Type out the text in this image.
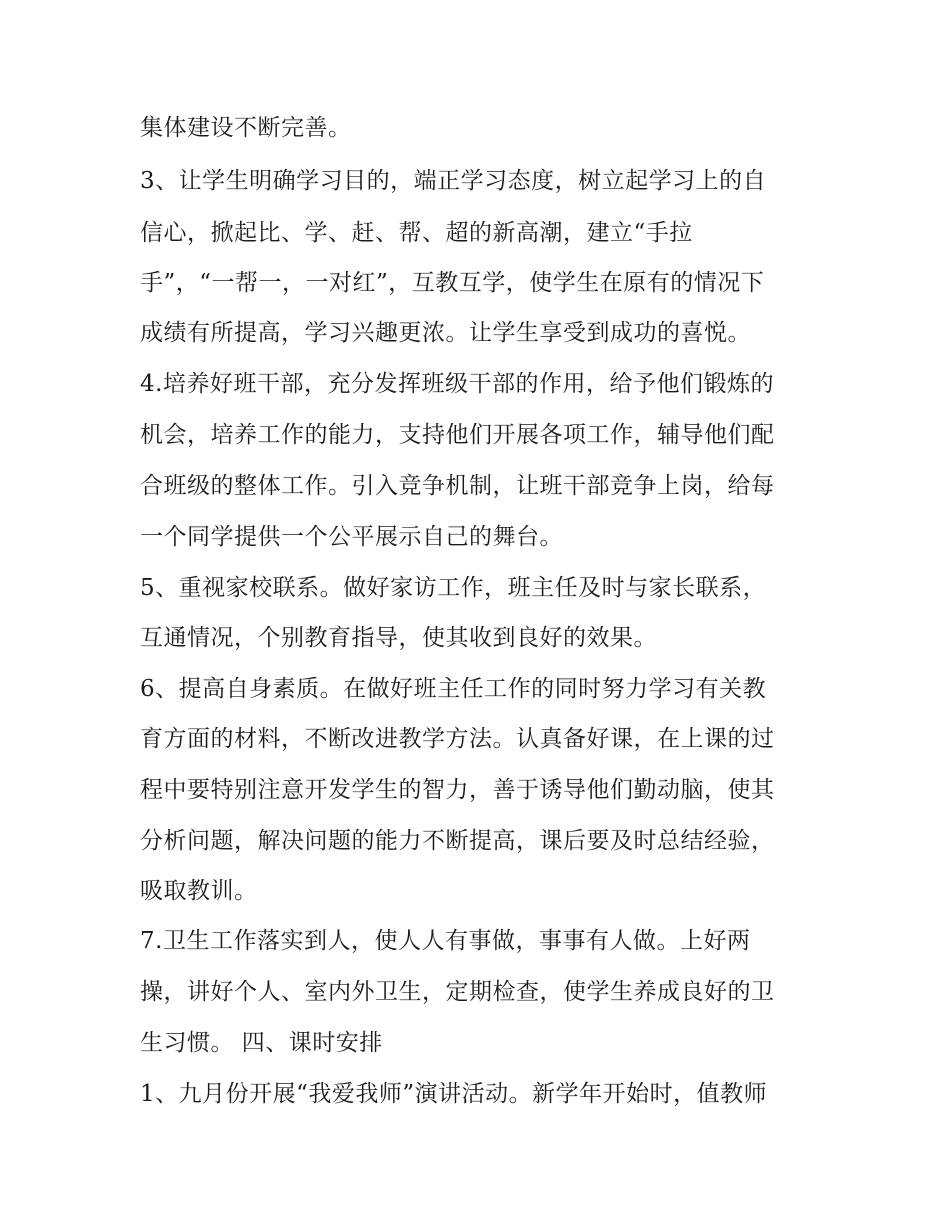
集体建设不断完善。
3、让学生明确学习目的，端正学习态度，树立起学习上的自
信心，掀起比、学、赶、帮、超的新高潮，建立“手拉
手”，“一帮一，一对红”，互教互学，使学生在原有的情况下
成绩有所提高，学习兴趣更浓。让学生享受到成功的喜悦。
4.培养好班干部，充分发挥班级干部的作用，给予他们锻炼的
机会，培养工作的能力，支持他们开展各项工作，辅导他们配
合班级的整体工作。引入竞争机制，让班干部竞争上岗，给每
一个同学提供一个公平展示自己的舞台。
5、重视家校联系。做好家访工作，班主任及时与家长联系，
互通情况，个别教育指导，使其收到良好的效果。
6、提高自身素质。在做好班主任工作的同时努力学习有关教
育方面的材料，不断改进教学方法。认真备好课，在上课的过
程中要特别注意开发学生的智力，善于诱导他们勤动脑，使其
分析问题，解决问题的能力不断提高，课后要及时总结经验，
吸取教训。
7.卫生工作落实到人，使人人有事做，事事有人做。上好两
操，讲好个人、室内外卫生，定期检查，使学生养成良好的卫
生习惯。 四、课时安排
1、九月份开展“我爱我师”演讲活动。新学年开始时，值教师
